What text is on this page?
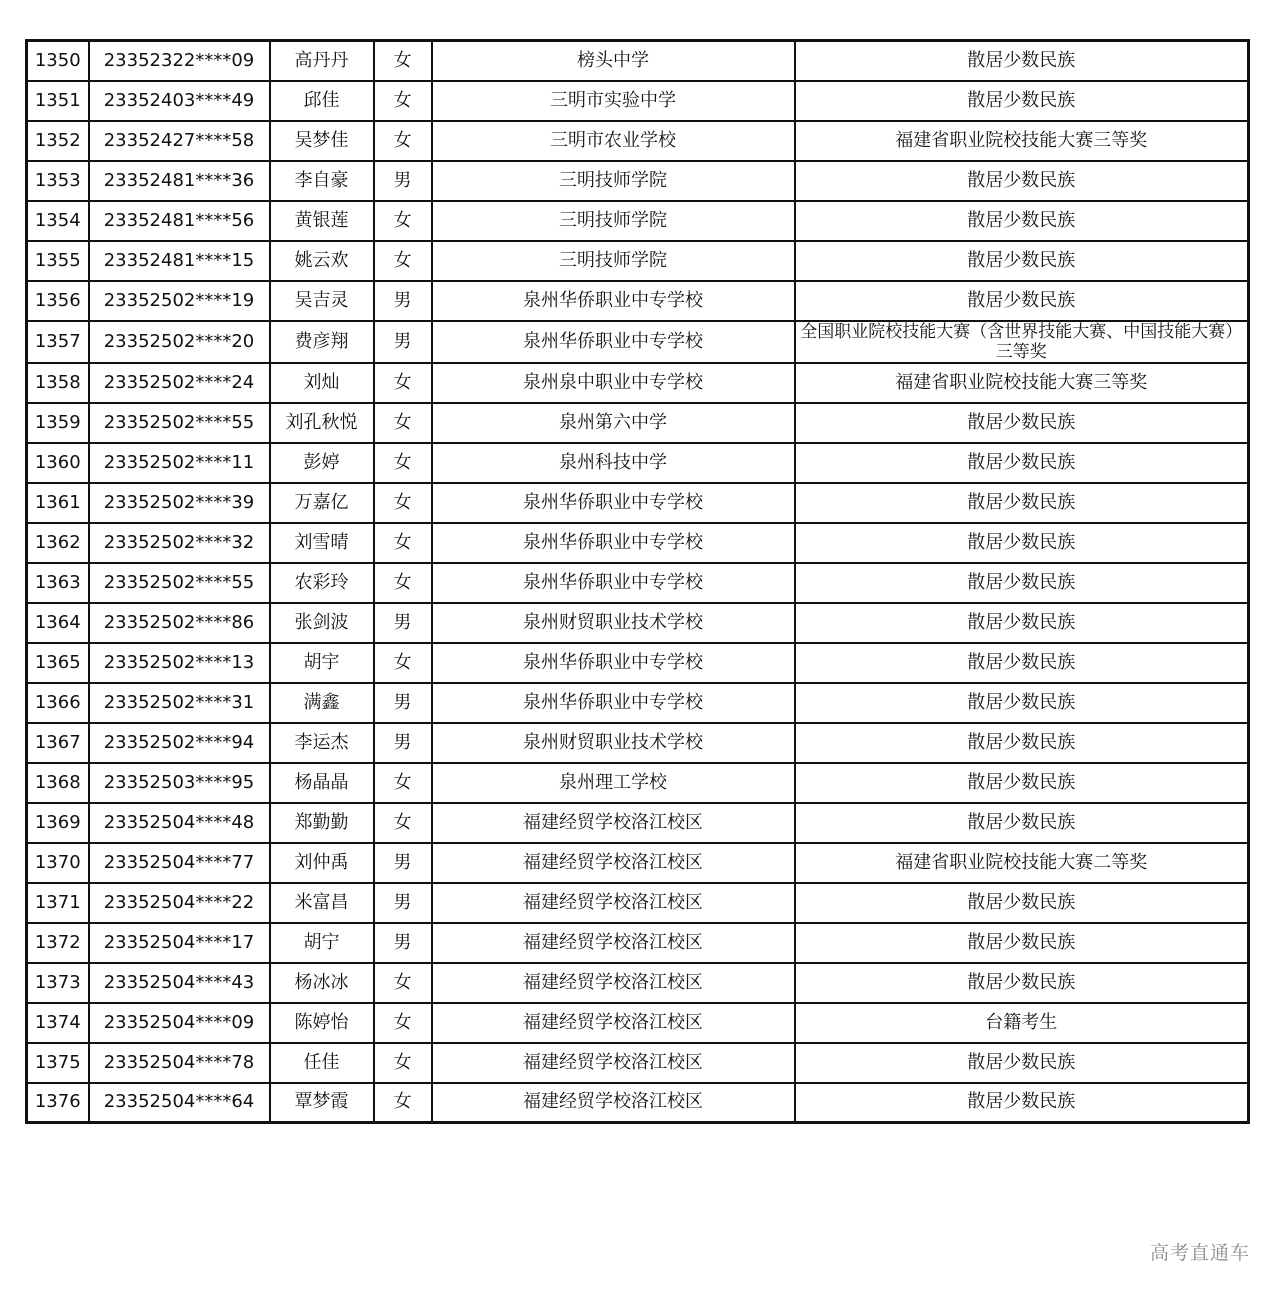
1350	23352322****09	高丹丹	女	榜头中学	散居少数民族
1351	23352403****49	邱佳	女	三明市实验中学	散居少数民族
1352	23352427****58	吴梦佳	女	三明市农业学校	福建省职业院校技能大赛三等奖
1353	23352481****36	李自豪	男	三明技师学院	散居少数民族
1354	23352481****56	黄银莲	女	三明技师学院	散居少数民族
1355	23352481****15	姚云欢	女	三明技师学院	散居少数民族
1356	23352502****19	吴吉灵	男	泉州华侨职业中专学校	散居少数民族
1357	23352502****20	费彦翔	男	泉州华侨职业中专学校	全国职业院校技能大赛（含世界技能大赛、中国技能大赛）三等奖
1358	23352502****24	刘灿	女	泉州泉中职业中专学校	福建省职业院校技能大赛三等奖
1359	23352502****55	刘孔秋悦	女	泉州第六中学	散居少数民族
1360	23352502****11	彭婷	女	泉州科技中学	散居少数民族
1361	23352502****39	万嘉亿	女	泉州华侨职业中专学校	散居少数民族
1362	23352502****32	刘雪晴	女	泉州华侨职业中专学校	散居少数民族
1363	23352502****55	农彩玲	女	泉州华侨职业中专学校	散居少数民族
1364	23352502****86	张剑波	男	泉州财贸职业技术学校	散居少数民族
1365	23352502****13	胡宇	女	泉州华侨职业中专学校	散居少数民族
1366	23352502****31	满鑫	男	泉州华侨职业中专学校	散居少数民族
1367	23352502****94	李运杰	男	泉州财贸职业技术学校	散居少数民族
1368	23352503****95	杨晶晶	女	泉州理工学校	散居少数民族
1369	23352504****48	郑勤勤	女	福建经贸学校洛江校区	散居少数民族
1370	23352504****77	刘仲禹	男	福建经贸学校洛江校区	福建省职业院校技能大赛二等奖
1371	23352504****22	米富昌	男	福建经贸学校洛江校区	散居少数民族
1372	23352504****17	胡宁	男	福建经贸学校洛江校区	散居少数民族
1373	23352504****43	杨冰冰	女	福建经贸学校洛江校区	散居少数民族
1374	23352504****09	陈婷怡	女	福建经贸学校洛江校区	台籍考生
1375	23352504****78	任佳	女	福建经贸学校洛江校区	散居少数民族
1376	23352504****64	覃梦霞	女	福建经贸学校洛江校区	散居少数民族
高考直通车
